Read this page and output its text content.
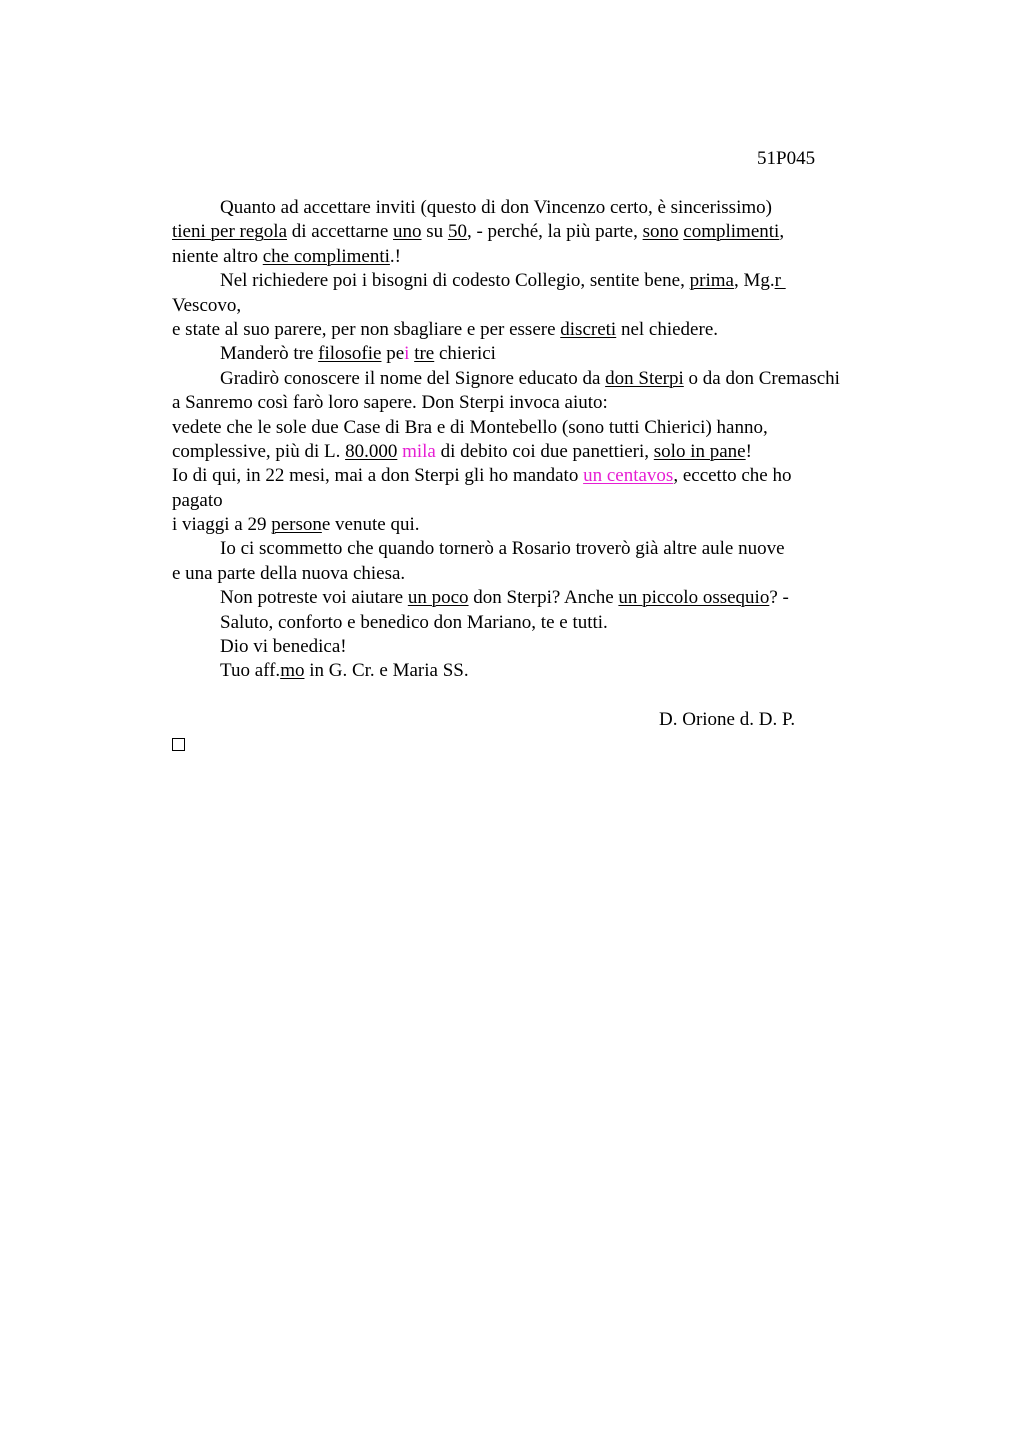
51P045
Quanto ad accettare inviti (questo di don Vincenzo certo, è sincerissimo)
tieni per regola di accettarne uno su 50, - perché, la più parte, sono complimenti,
niente altro che complimenti.!
Nel richiedere poi i bisogni di codesto Collegio, sentite bene, prima, Mg.r
Vescovo,
e state al suo parere, per non sbagliare e per essere discreti nel chiedere.
Manderò tre filosofie pei tre chierici
Gradirò conoscere il nome del Signore educato da don Sterpi o da don Cremaschi
a Sanremo così farò loro sapere. Don Sterpi invoca aiuto:
vedete che le sole due Case di Bra e di Montebello (sono tutti Chierici) hanno,
complessive, più di L. 80.000 mila di debito coi due panettieri, solo in pane!
Io di qui, in 22 mesi, mai a don Sterpi gli ho mandato un centavos, eccetto che ho
pagato
i viaggi a 29 persone venute qui.
Io ci scommetto che quando tornerò a Rosario troverò già altre aule nuove
e una parte della nuova chiesa.
Non potreste voi aiutare un poco don Sterpi? Anche un piccolo ossequio? -
Saluto, conforto e benedico don Mariano, te e tutti.
Dio vi benedica!
Tuo aff.mo in G. Cr. e Maria SS.
D. Orione d. D. P.
